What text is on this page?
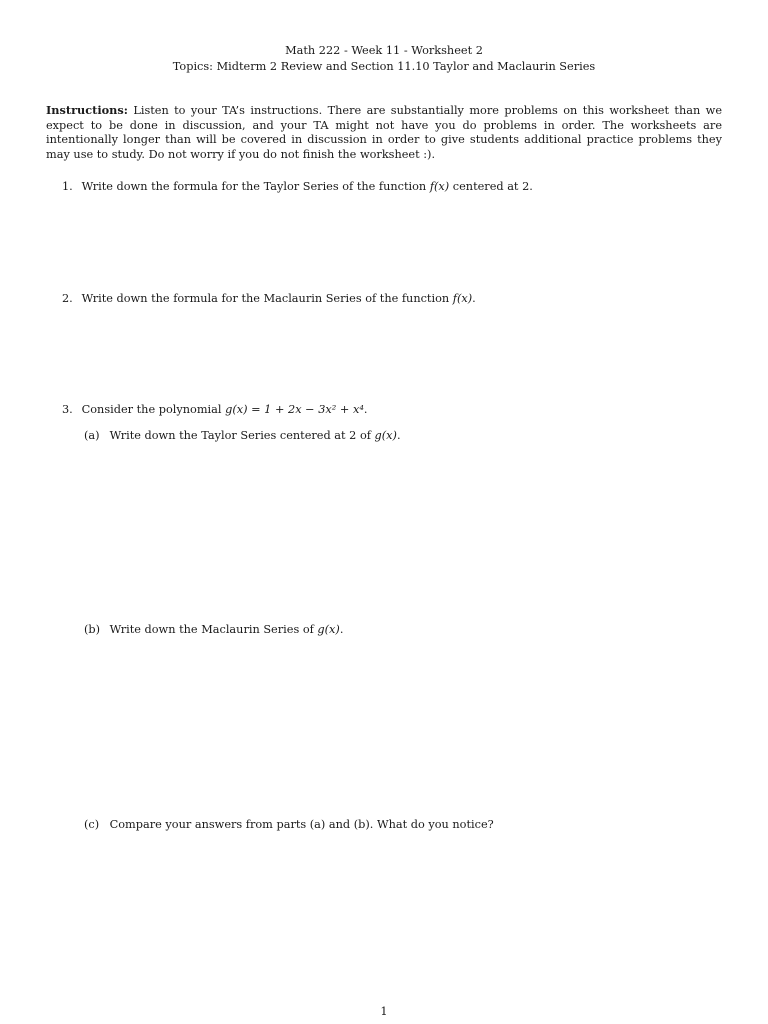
Math 222 - Week 11 - Worksheet 2
Topics: Midterm 2 Review and Section 11.10 Taylor and Maclaurin Series
Instructions: Listen to your TA’s instructions. There are substantially more problems on this worksheet than we expect to be done in discussion, and your TA might not have you do problems in order. The worksheets are intentionally longer than will be covered in discussion in order to give students additional practice problems they may use to study. Do not worry if you do not finish the worksheet :).
1. Write down the formula for the Taylor Series of the function f(x) centered at 2.
2. Write down the formula for the Maclaurin Series of the function f(x).
3. Consider the polynomial g(x) = 1 + 2x − 3x² + x⁴.
(a) Write down the Taylor Series centered at 2 of g(x).
(b) Write down the Maclaurin Series of g(x).
(c) Compare your answers from parts (a) and (b). What do you notice?
1
